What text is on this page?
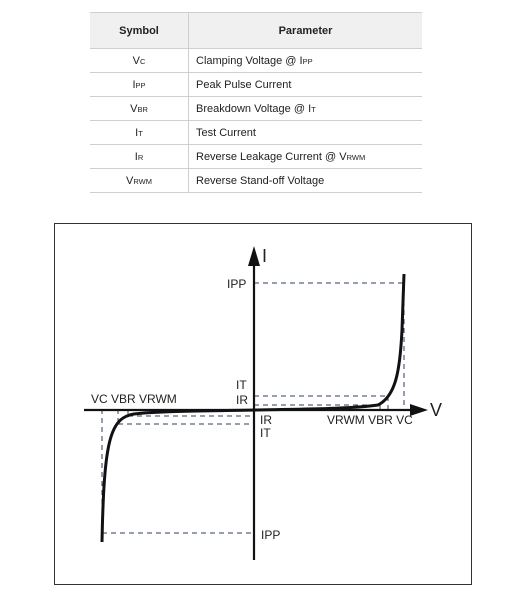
Symbol	Parameter
VC	Clamping Voltage @ IPP
IPP	Peak Pulse Current
VBR	Breakdown Voltage @ IT
IT	Test Current
IR	Reverse Leakage Current @ VRWM
VRWM	Reverse Stand-off Voltage
I
V
IPP
IPP
IT
IR
IR
IT
VC VBR VRWM
VRWM VBR VC
